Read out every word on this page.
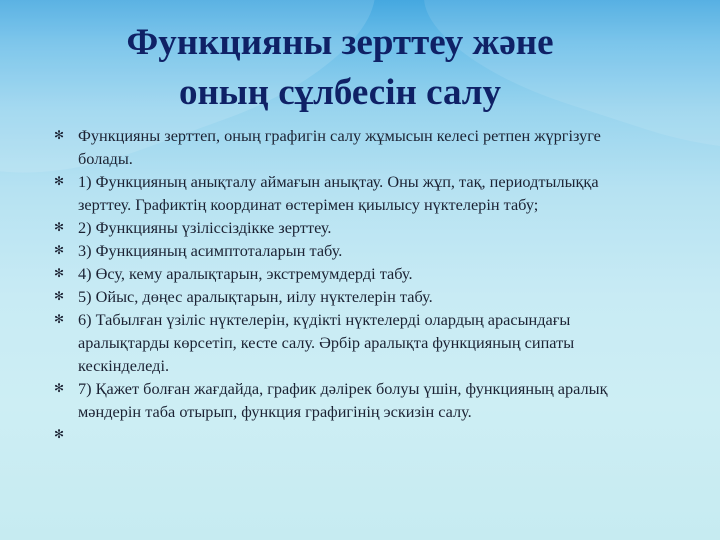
Функцияны зерттеу және
оның сұлбесін салу
✻ Функцияны зерттеп, оның графигін салу жұмысын келесі ретпен жүргізуге болады.
✻ 1) Функцияның анықталу аймағын анықтау. Оны жұп, тақ, периодтылыққа зерттеу. Графиктің координат өстерімен қиылысу нүктелерін табу;
✻ 2) Функцияны үзіліссіздікке зерттеу.
✻ 3) Функцияның асимптоталарын табу.
✻ 4) Өсу, кему аралықтарын, экстремумдерді табу.
✻ 5) Ойыс, дөңес аралықтарын, иілу нүктелерін табу.
✻ 6) Табылған үзіліс нүктелерін, күдікті нүктелерді олардың арасындағы аралықтарды көрсетіп, кесте салу. Әрбір аралықта функцияның сипаты кескінделеді.
✻ 7) Қажет болған жағдайда, график дәлірек болуы үшін, функцияның аралық мәндерін таба отырып, функция графигінің эскизін салу.
✻
